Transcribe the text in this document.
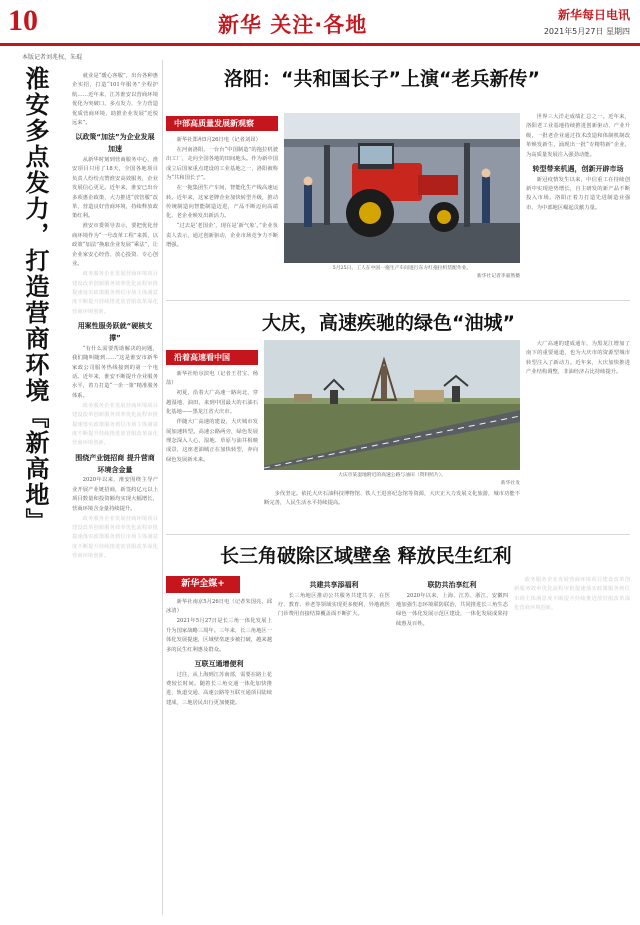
10	新华 关注·各地	新华每日电讯
2021年5月27日 星期四
本版记者刘兆权、朱琨
淮安多点发力，打造营商环境『新高地』	就业是“暖心客服”，出台各种惠企实招，打造“101年服务”全程护航……近年来，江苏淮安以营商环境优化为突破口，多点发力，全力营造优质营商环境，助推企业发展“近悦远来”。

以政策“加法”为企业发展加速

从新华时刻到营商服务中心，淮安项目只用了18天，全国各地项目负责人纷纷点赞淮安高效服务，企业发展信心更足。近年来，淮安已出台多项惠企政策，大力推进“放管服”改革，营造良好营商环境，持续释放政策红利。

淮安市委领导表示，要把优化营商环境作为“一号改革工程”来抓，以政策“加法”换取企业发展“乘法”，让企业家安心经营、放心投资、专心创业。

政务服务企业发展营商环境项目建设改革创新服务效率优化流程审批提速落实政策服务到位市场主体满意度不断提升持续推进放管服改革深化营商环境创新。

用案性服务跃就“硬核支撑”

“有什么需要帮助解决的问题，我们随叫随到……”这是淮安市新华家政公司服务热线接到的第一个电话。近年来，淮安不断提升企业服务水平，着力打造“一企一策”精准服务体系。

政务服务企业发展营商环境项目建设改革创新服务效率优化流程审批提速落实政策服务到位市场主体满意度不断提升持续推进放管服改革深化营商环境创新。

围绕产业链招商 提升营商环境含金量

2020年以来，淮安围绕主导产业开展产业链招商，新签约亿元以上项目数量和投资额均实现大幅增长，营商环境含金量持续提升。

政务服务企业发展营商环境项目建设改革创新服务效率优化流程审批提速落实政策服务到位市场主体满意度不断提升持续推进放管服改革深化营商环境创新。

洛阳：“共和国长子”上演“老兵新传”
中部高质量发展新观察

新华社郑州5月26日电（记者刘昂）

在河南洛阳，一台台“中国制造”的拖拉机驶出工厂，走向全国各地的田间地头。作为新中国成立后国家重点建设的工业基地之一，洛阳被称为“共和国长子”。

在一拖集团生产车间，智能化生产线高速运转。近年来，这家老牌企业加快转型升级，推动传统制造向智能制造迈进，产品不断迈向高端化，老企业焕发出新活力。

“过去是‘老国企’，现在是‘新气象’。”企业负责人表示，通过创新驱动，企业市场竞争力不断增强。

5月25日，工人在中国一拖生产车间进行东方红拖拉机装配作业。
新华社记者李嘉然摄

世界三大洋走成绩汇总之一。近年来，洛阳老工业基地持续推进创新驱动、产业升级，一批老企业通过技术改造和体制机制改革焕发新生，涌现出一批“专精特新”企业，为高质量发展注入强劲动能。

转型带来机遇，创新开辟市场

新冠疫情发生以来，中信重工在持续创新中实现逆势增长，自主研发的新产品不断投入市场。洛阳正着力打造先进制造业强市，为中部地区崛起贡献力量。

大庆，高速疾驰的绿色“油城”
沿着高速看中国

新华社哈尔滨电（记者王君宝、杨喆）

初夏，沿着大广高速一路向北，穿越湿地、油田，来到中国最大的石油石化基地——黑龙江省大庆市。

伴随大广高速的建设，大庆城市发展加速转型。高速公路两旁，绿色发展理念深入人心，湿地、草原与油井相映成景，这座老油城正在加快转型，奔向绿色发展新未来。

大庆市某湿地附近的高速公路与油田（资料照片）。
新华社发

步伐坚定。依托大庆石油科技博物馆、铁人王进喜纪念馆等资源，大庆正大力发展文化旅游，城市功能不断完善，人民生活水平持续提高。

大广高速的建成通车，为黑龙江增加了南下的重要通道，也为大庆市的资源型城市转型注入了新动力。近年来，大庆加快推进产业结构调整，非油经济占比持续提升。

长三角破除区域壁垒 释放民生红利
新华全媒+

新华社南京5月26日电（记者朱国亮、邱冰清）

2021年5月27日是长三角一体化发展上升为国家战略三周年。三年来，长三角地区一体化发展提速，区域壁垒逐步被打破，越来越多的民生红利惠及群众。

互联互通增便利

过往，从上海到江苏南部，需要在路上花费较长时间。随着长三角交通一体化加快推进，轨道交通、高速公路等互联互通项目陆续建成，三地居民出行更加便捷。

共建共享添福利

长三角地区推动公共服务共建共享，在医疗、教育、养老等领域实现更多便利，异地就医门诊费用直接结算覆盖面不断扩大。

联防共治享红利

2020年以来，上海、江苏、浙江、安徽四地加强生态环境联防联治，共同推进长三角生态绿色一体化发展示范区建设，一体化发展成果持续惠及百姓。

政务服务企业发展营商环境项目建设改革创新服务效率优化流程审批提速落实政策服务到位市场主体满意度不断提升持续推进放管服改革深化营商环境创新。
